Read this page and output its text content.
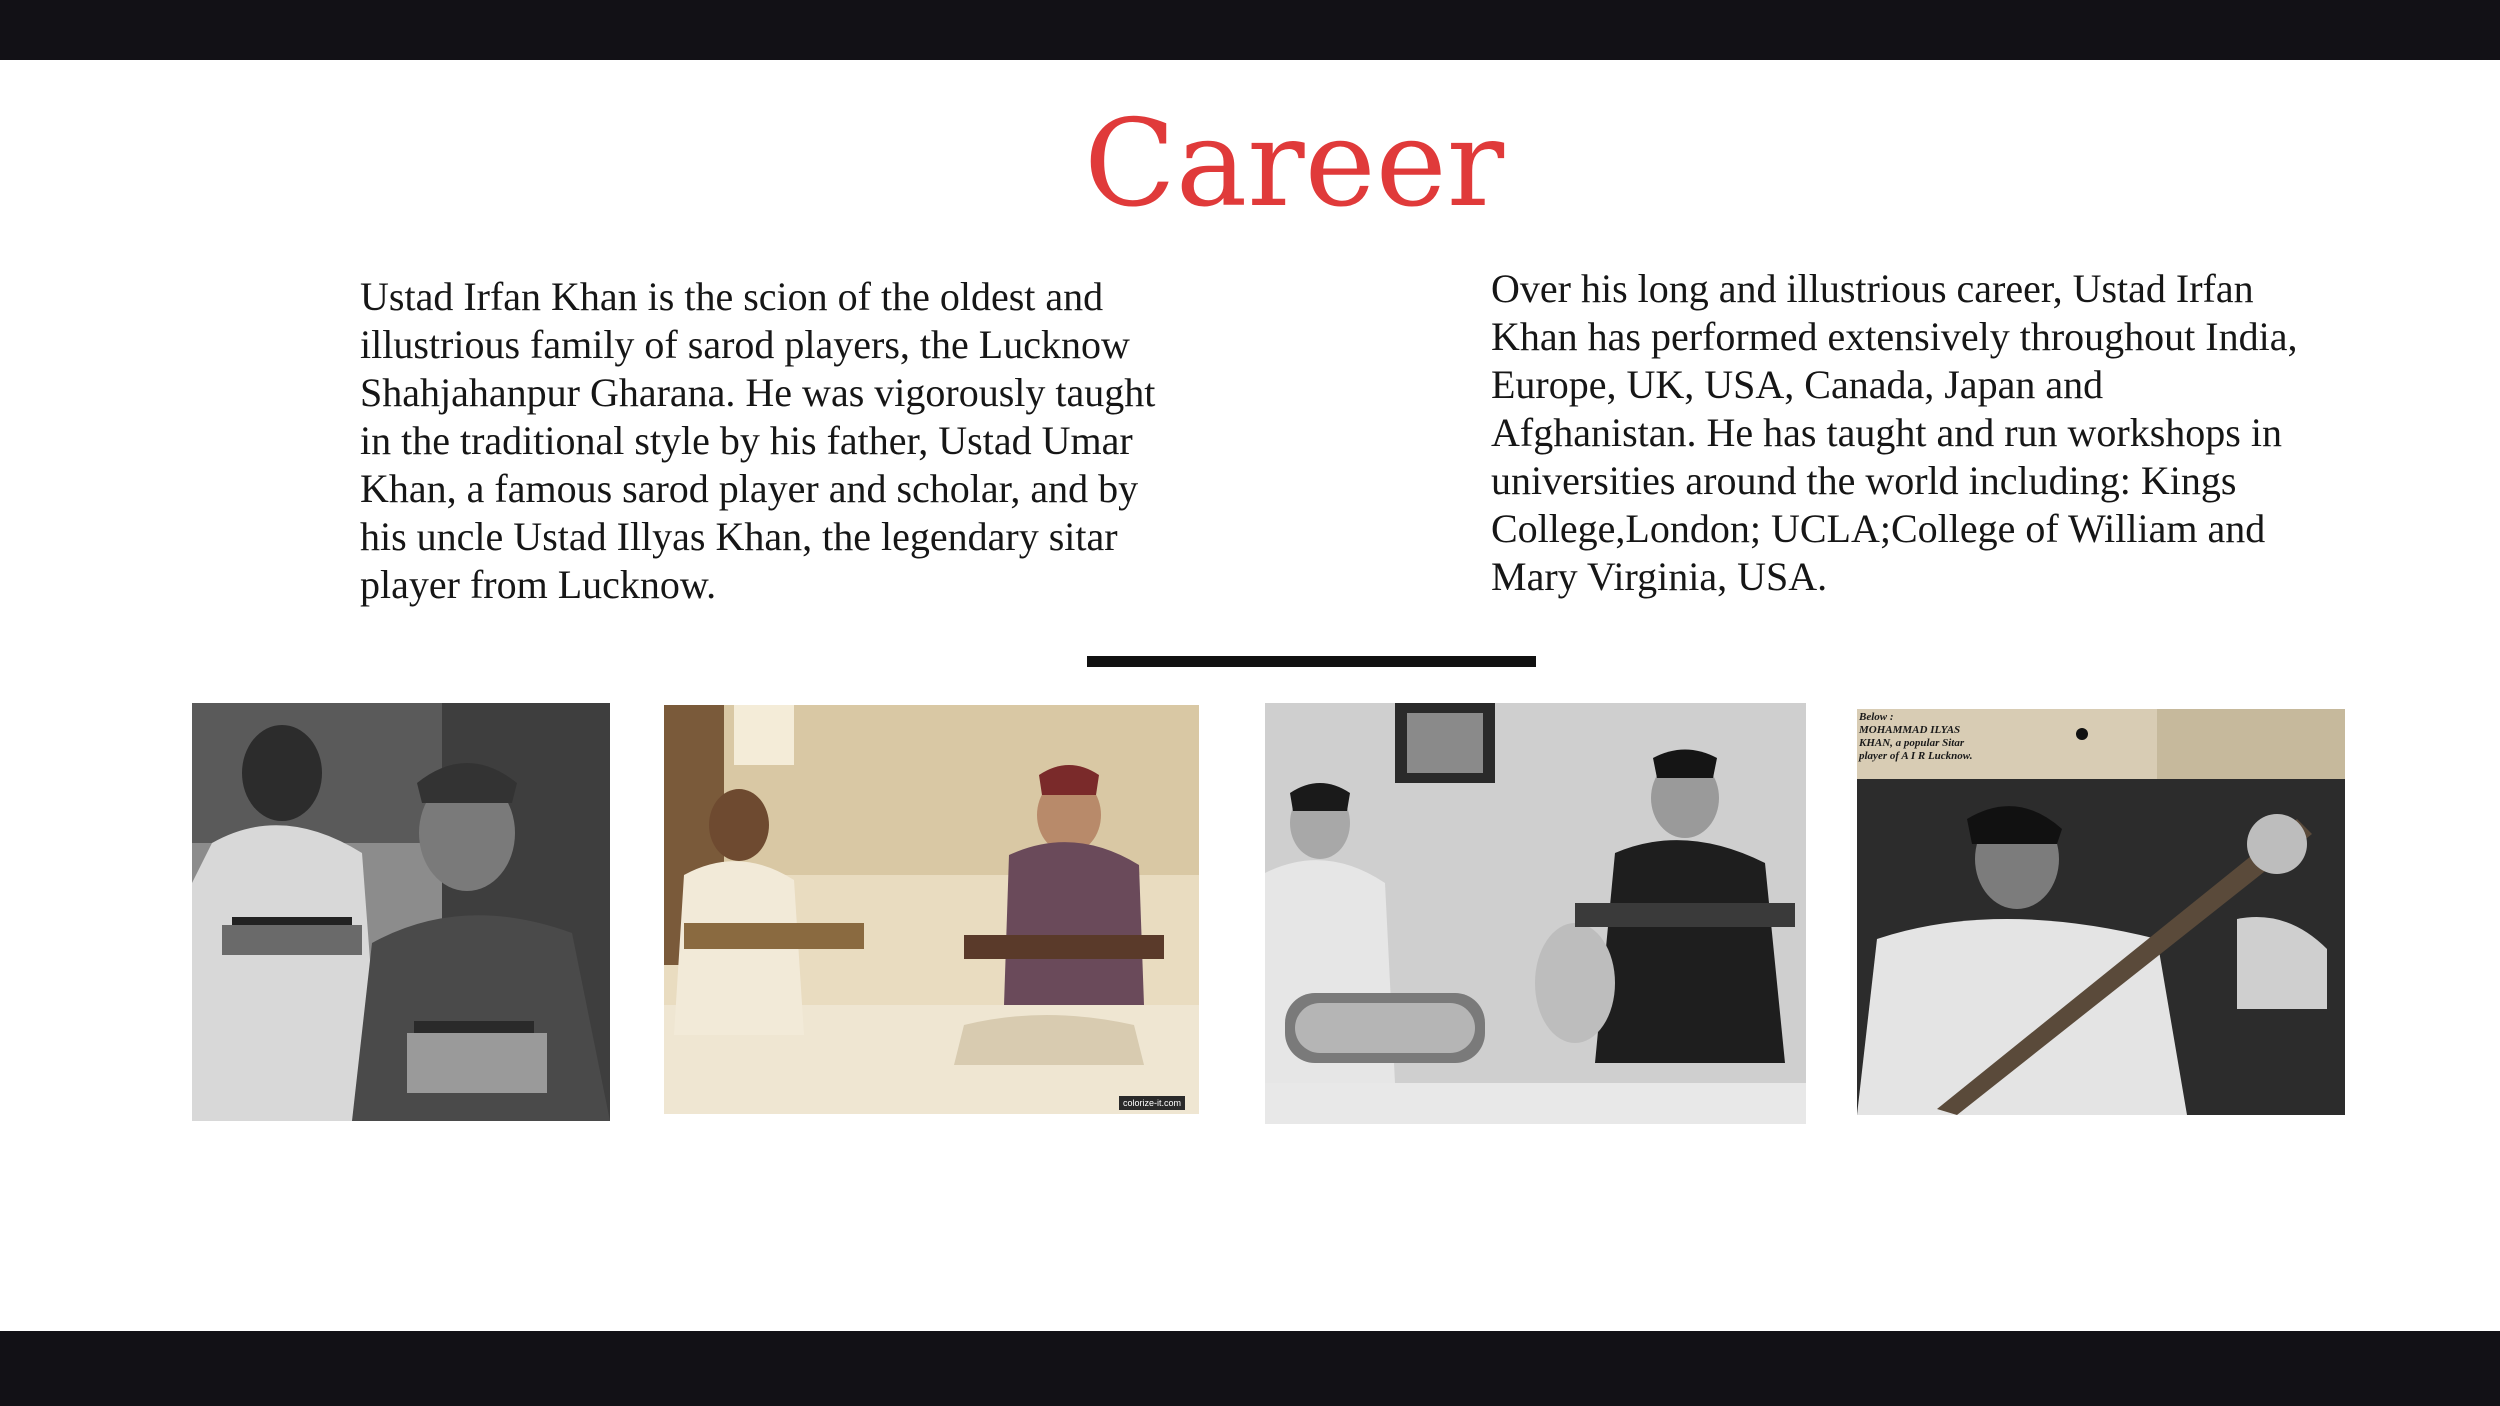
Career

Ustad Irfan Khan is the scion of the oldest and illustrious family of sarod players, the Lucknow Shahjahanpur Gharana. He was vigorously taught in the traditional style by his father, Ustad Umar Khan, a famous sarod player and scholar, and by his uncle Ustad Illyas Khan, the legendary sitar player from Lucknow.

Over his long and illustrious career, Ustad Irfan Khan has performed extensively throughout India, Europe, UK, USA, Canada, Japan and Afghanistan. He has taught and run workshops in universities around the world including: Kings College,London; UCLA;College of William and Mary Virginia, USA.

Below :
MOHAMMAD ILYAS
KHAN, a popular Sitar
player of A I R Lucknow.
colorize-it.com
